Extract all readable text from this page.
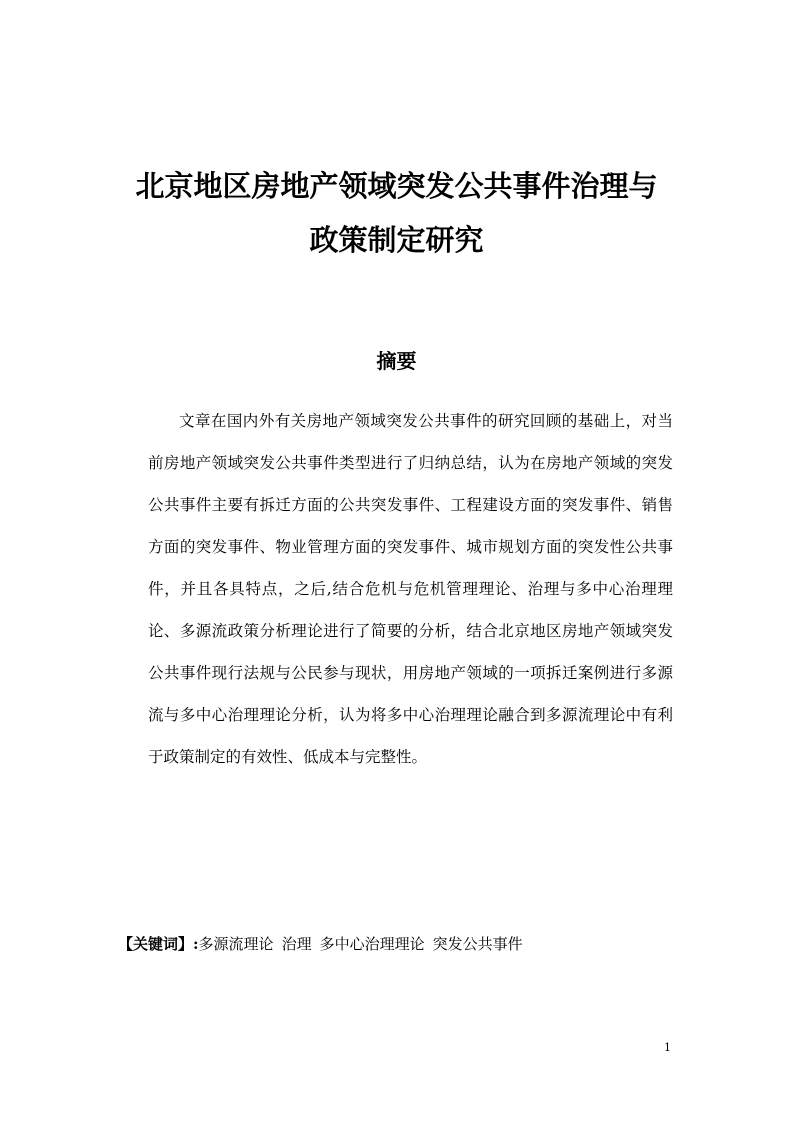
北京地区房地产领域突发公共事件治理与
政策制定研究
摘要
文章在国内外有关房地产领域突发公共事件的研究回顾的基础上，对当
前房地产领域突发公共事件类型进行了归纳总结，认为在房地产领域的突发
公共事件主要有拆迁方面的公共突发事件、工程建设方面的突发事件、销售
方面的突发事件、物业管理方面的突发事件、城市规划方面的突发性公共事
件，并且各具特点，之后,结合危机与危机管理理论、治理与多中心治理理
论、多源流政策分析理论进行了简要的分析，结合北京地区房地产领域突发
公共事件现行法规与公民参与现状，用房地产领域的一项拆迁案例进行多源
流与多中心治理理论分析，认为将多中心治理理论融合到多源流理论中有利
于政策制定的有效性、低成本与完整性。
【关键词】:多源流理论 治理 多中心治理理论 突发公共事件
1
